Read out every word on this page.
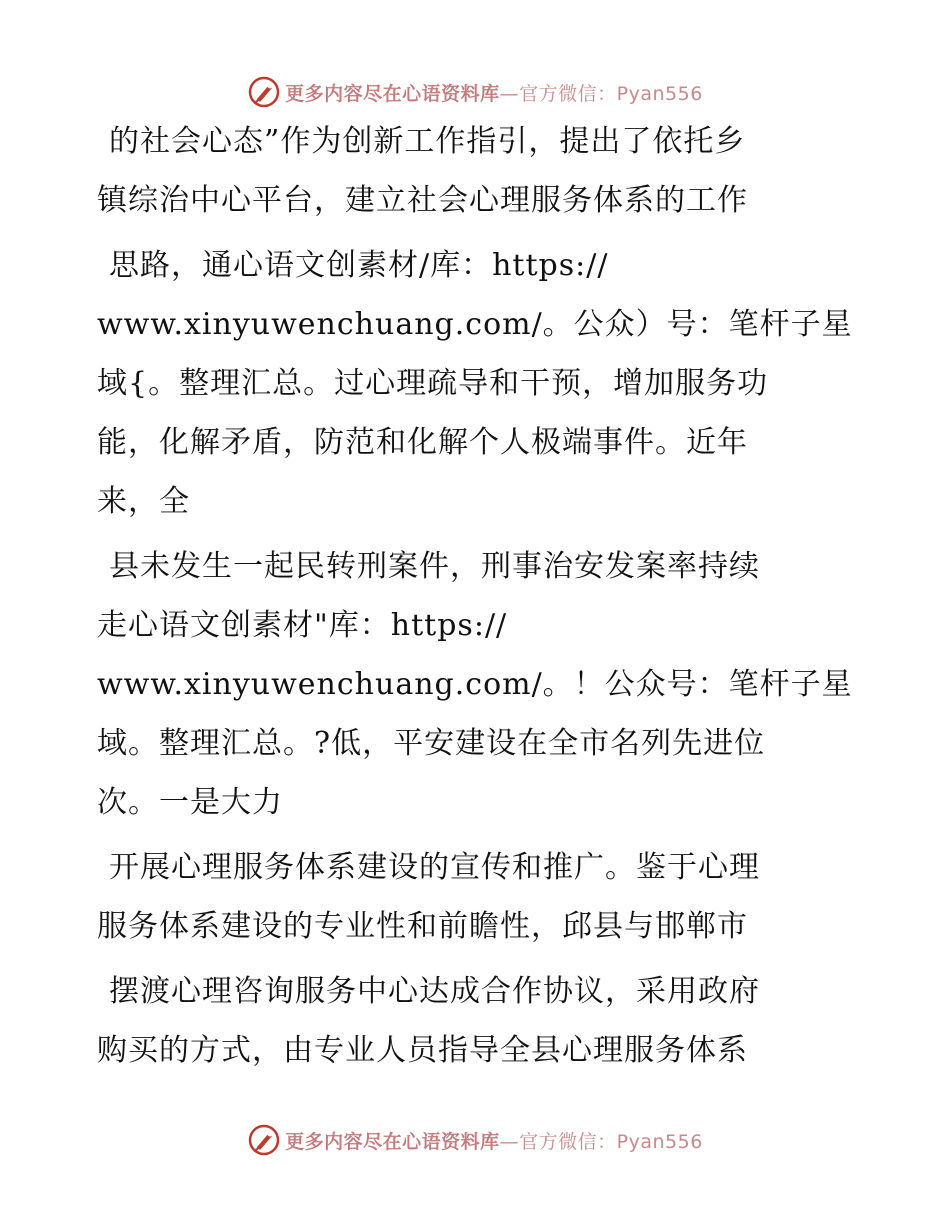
更多内容尽在心语资料库—官方微信：Pyan556

的社会心态”作为创新工作指引，提出了依托乡

镇综治中心平台，建立社会心理服务体系的工作

思路，通心语文创素材/库：https://

www.xinyuwenchuang.com/。公众）号：笔杆子星

域{。整理汇总。过心理疏导和干预，增加服务功

能，化解矛盾，防范和化解个人极端事件。近年

来，全

县未发生一起民转刑案件，刑事治安发案率持续

走心语文创素材"库：https://

www.xinyuwenchuang.com/。！公众号：笔杆子星

域。整理汇总。?低，平安建设在全市名列先进位

次。一是大力

开展心理服务体系建设的宣传和推广。鉴于心理

服务体系建设的专业性和前瞻性，邱县与邯郸市

摆渡心理咨询服务中心达成合作协议，采用政府

购买的方式，由专业人员指导全县心理服务体系

更多内容尽在心语资料库—官方微信：Pyan556
